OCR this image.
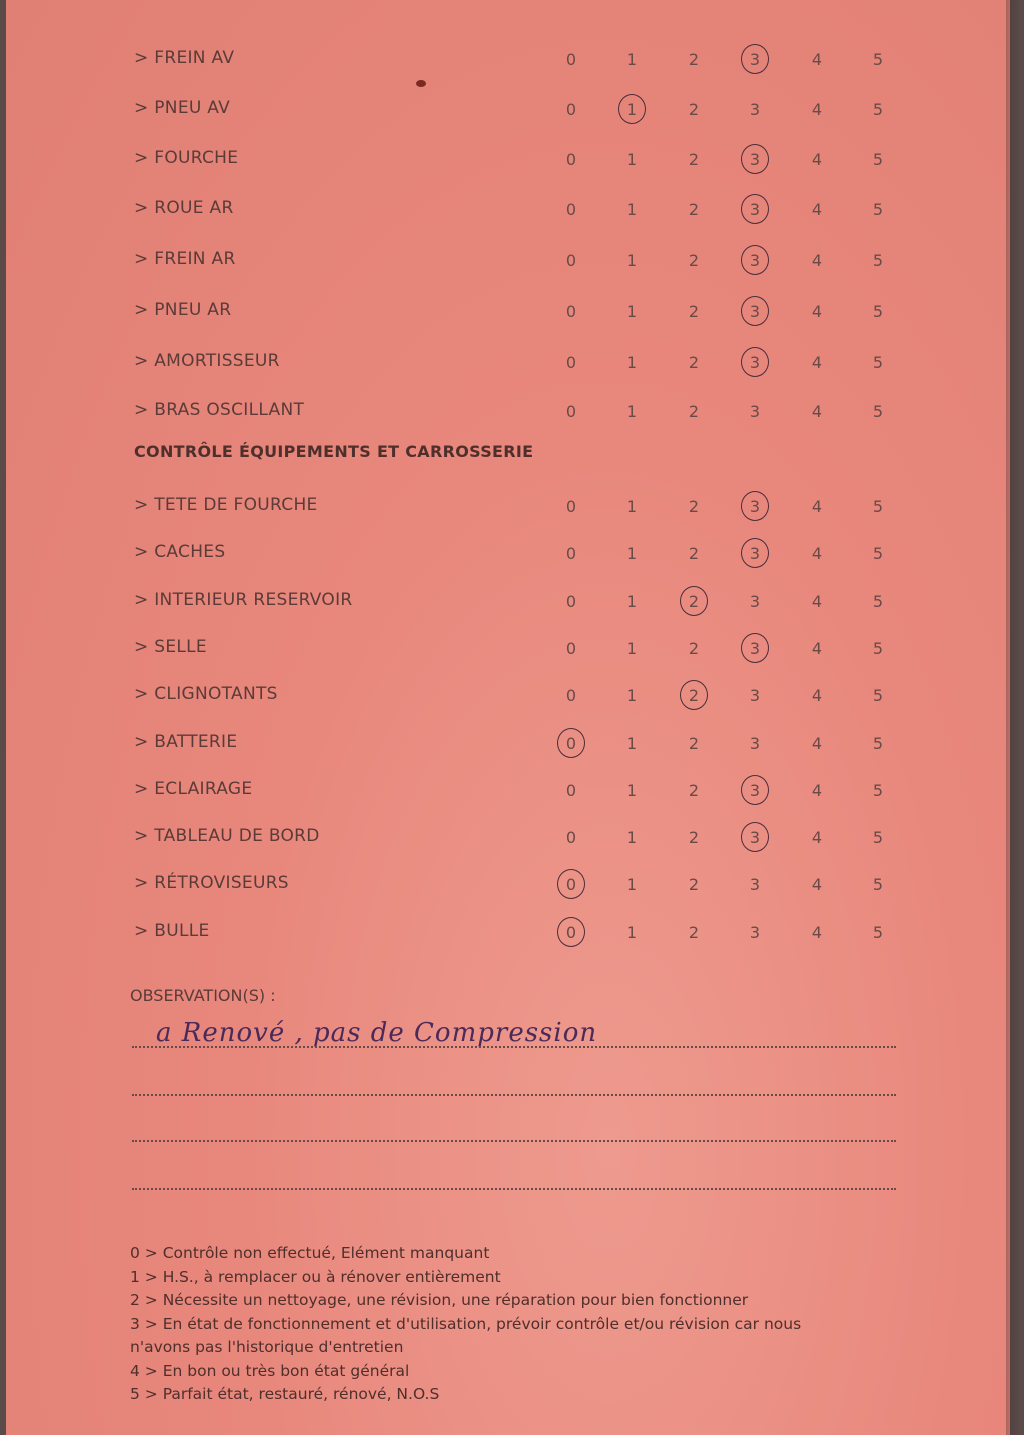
> FREIN AV	0	1	2	3	4	5
> PNEU AV	0	1	2	3	4	5
> FOURCHE	0	1	2	3	4	5
> ROUE AR	0	1	2	3	4	5
> FREIN AR	0	1	2	3	4	5
> PNEU AR	0	1	2	3	4	5
> AMORTISSEUR	0	1	2	3	4	5
> BRAS OSCILLANT	0	1	2	3	4	5
> TETE DE FOURCHE	0	1	2	3	4	5
> CACHES	0	1	2	3	4	5
> INTERIEUR RESERVOIR	0	1	2	3	4	5
> SELLE	0	1	2	3	4	5
> CLIGNOTANTS	0	1	2	3	4	5
> BATTERIE	0	1	2	3	4	5
> ECLAIRAGE	0	1	2	3	4	5
> TABLEAU DE BORD	0	1	2	3	4	5
> RÉTROVISEURS	0	1	2	3	4	5
> BULLE	0	1	2	3	4	5
CONTRÔLE ÉQUIPEMENTS ET CARROSSERIE
OBSERVATION(S) :
a Renové , pas de Compression
0 > Contrôle non effectué, Elément manquant
1 > H.S., à remplacer ou à rénover entièrement
2 > Nécessite un nettoyage, une révision, une réparation pour bien fonctionner
3 > En état de fonctionnement et d'utilisation, prévoir contrôle et/ou révision car nous
n'avons pas l'historique d'entretien
4 > En bon ou très bon état général
5 > Parfait état, restauré, rénové, N.O.S
